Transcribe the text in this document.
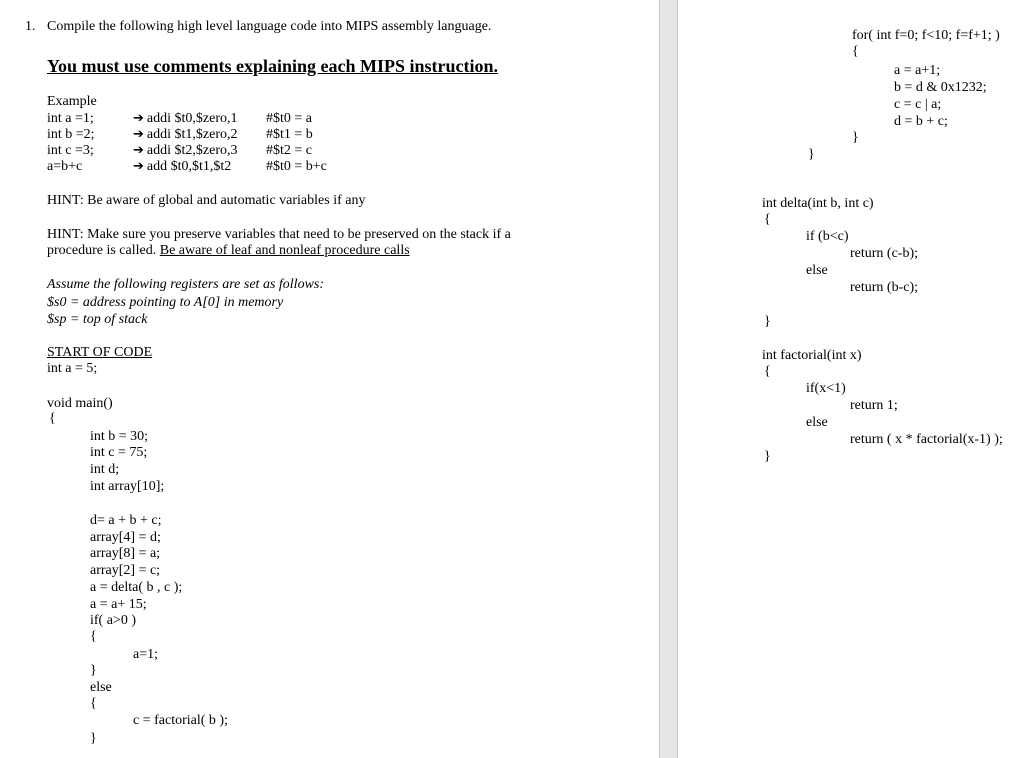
1. Compile the following high level language code into MIPS assembly language.
You must use comments explaining each MIPS instruction.
Example
int a =1;	➔ addi $t0,$zero,1 #$t0 = a
int b =2;	➔ addi $t1,$zero,2 #$t1 = b
int c =3;	➔ addi $t2,$zero,3 #$t2 = c
a=b+c	➔ add $t0,$t1,$t2 #$t0 = b+c
HINT: Be aware of global and automatic variables if any
HINT: Make sure you preserve variables that need to be preserved on the stack if a
procedure is called. Be aware of leaf and nonleaf procedure calls
Assume the following registers are set as follows:
$s0 = address pointing to A[0] in memory
$sp = top of stack
START OF CODE
int a = 5;
void main()
{
int b = 30;
int c = 75;
int d;
int array[10];
d= a + b + c;
array[4] = d;
array[8] = a;
array[2] = c;
a = delta( b , c );
a = a+ 15;
if( a>0 )
{
a=1;
}
else
{
c = factorial( b );
}
for( int f=0; f<10; f=f+1; )
{
a = a+1;
b = d & 0x1232;
c = c | a;
d = b + c;
}
}
int delta(int b, int c)
{
if (b<c)
return (c-b);
else
return (b-c);
}
int factorial(int x)
{
if(x<1)
return 1;
else
return ( x * factorial(x-1) );
}
